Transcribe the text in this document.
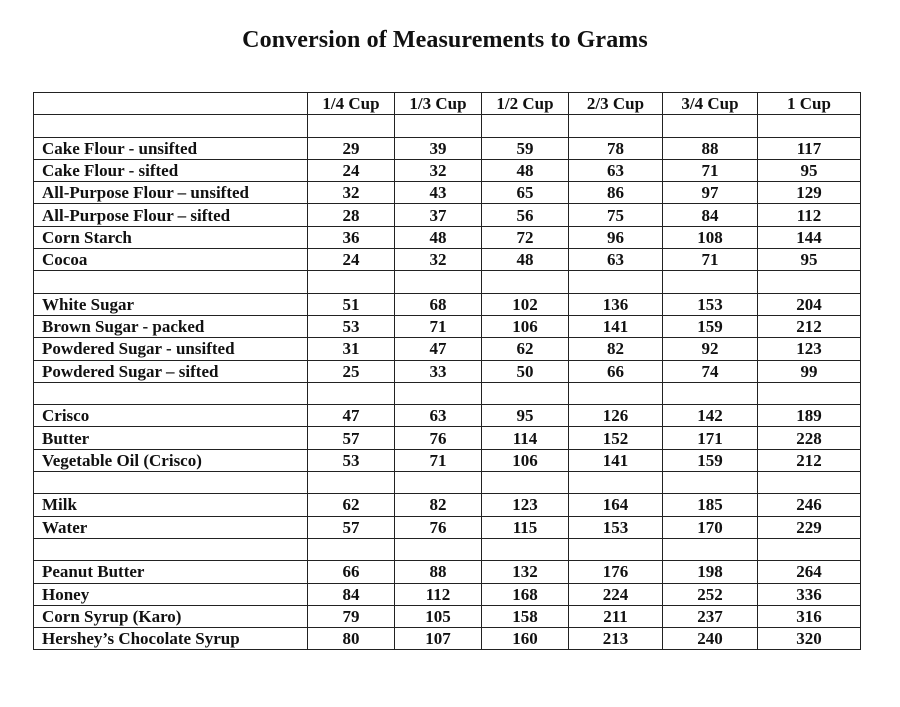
Conversion of Measurements to Grams
	1/4 Cup	1/3 Cup	1/2 Cup	2/3 Cup	3/4 Cup	1 Cup

Cake Flour - unsifted	29	39	59	78	88	117
Cake Flour - sifted	24	32	48	63	71	95
All-Purpose Flour – unsifted	32	43	65	86	97	129
All-Purpose Flour – sifted	28	37	56	75	84	112
Corn Starch	36	48	72	96	108	144
Cocoa	24	32	48	63	71	95

White Sugar	51	68	102	136	153	204
Brown Sugar - packed	53	71	106	141	159	212
Powdered Sugar - unsifted	31	47	62	82	92	123
Powdered Sugar – sifted	25	33	50	66	74	99

Crisco	47	63	95	126	142	189
Butter	57	76	114	152	171	228
Vegetable Oil (Crisco)	53	71	106	141	159	212

Milk	62	82	123	164	185	246
Water	57	76	115	153	170	229

Peanut Butter	66	88	132	176	198	264
Honey	84	112	168	224	252	336
Corn Syrup (Karo)	79	105	158	211	237	316
Hershey’s Chocolate Syrup	80	107	160	213	240	320
